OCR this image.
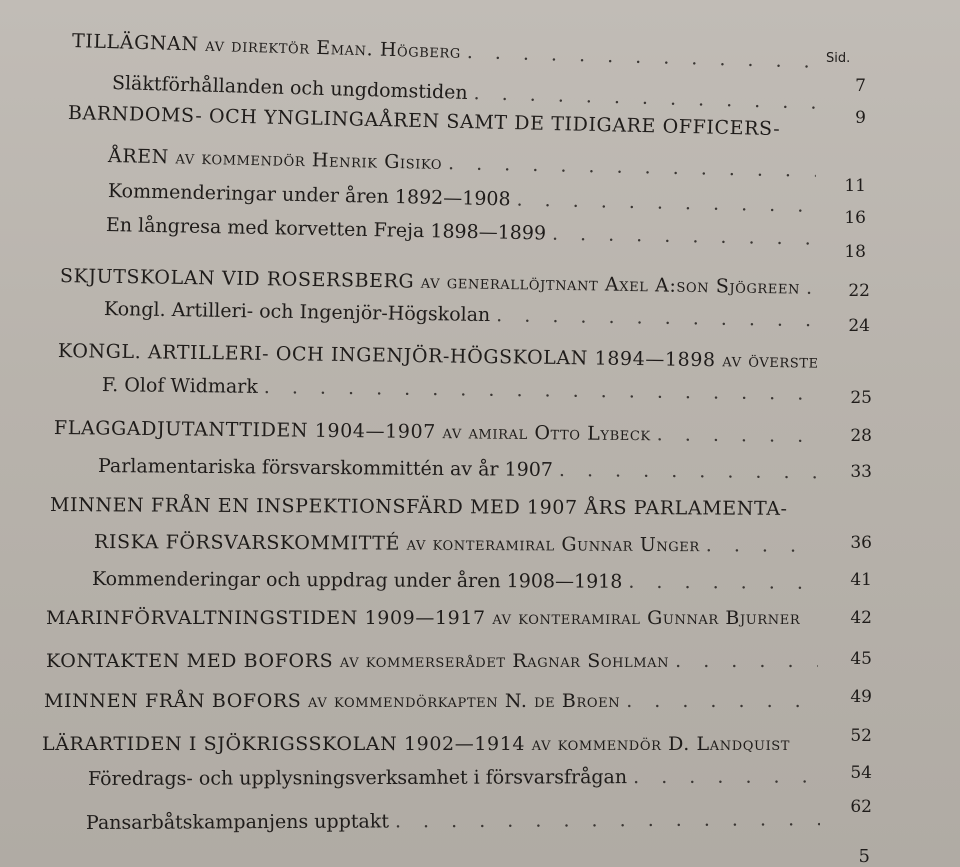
Sid.
TILLÄGNAN av direktör Eman. Högberg
. . .
Släktförhållanden och ungdomstiden
. . .
BARNDOMS- OCH YNGLINGAÅREN SAMT DE TIDIGARE OFFICERS-
ÅREN av kommendör Henrik Gisiko
. . .
Kommenderingar under åren 1892—1908
. . .
En långresa med korvetten Freja 1898—1899
. . .
SKJUTSKOLAN VID ROSERSBERG av generallöjtnant Axel A:son Sjögreen
. . .
Kongl. Artilleri- och Ingenjör-Högskolan
. . .
KONGL. ARTILLERI- OCH INGENJÖR-HÖGSKOLAN 1894—1898 av överste
F. Olof Widmark
. . .
FLAGGADJUTANTTIDEN 1904—1907 av amiral Otto Lybeck
. . .
Parlamentariska försvarskommittén av år 1907
. . .
MINNEN FRÅN EN INSPEKTIONSFÄRD MED 1907 ÅRS PARLAMENTA-
RISKA FÖRSVARSKOMMITTÉ av konteramiral Gunnar Unger
. . .
Kommenderingar och uppdrag under åren 1908—1918
. . .
MARINFÖRVALTNINGSTIDEN 1909—1917 av konteramiral Gunnar Bjurner
KONTAKTEN MED BOFORS av kommerserådet Ragnar Sohlman
. . .
MINNEN FRÅN BOFORS av kommendörkapten N. de Broen
. . .
LÄRARTIDEN I SJÖKRIGSSKOLAN 1902—1914 av kommendör D. Landquist
Föredrags- och upplysningsverksamhet i försvarsfrågan
. . .
Pansarbåtskampanjens upptakt
. . .
7
9
11
16
18
22
24
25
28
33
36
41
42
45
49
52
54
62
5
